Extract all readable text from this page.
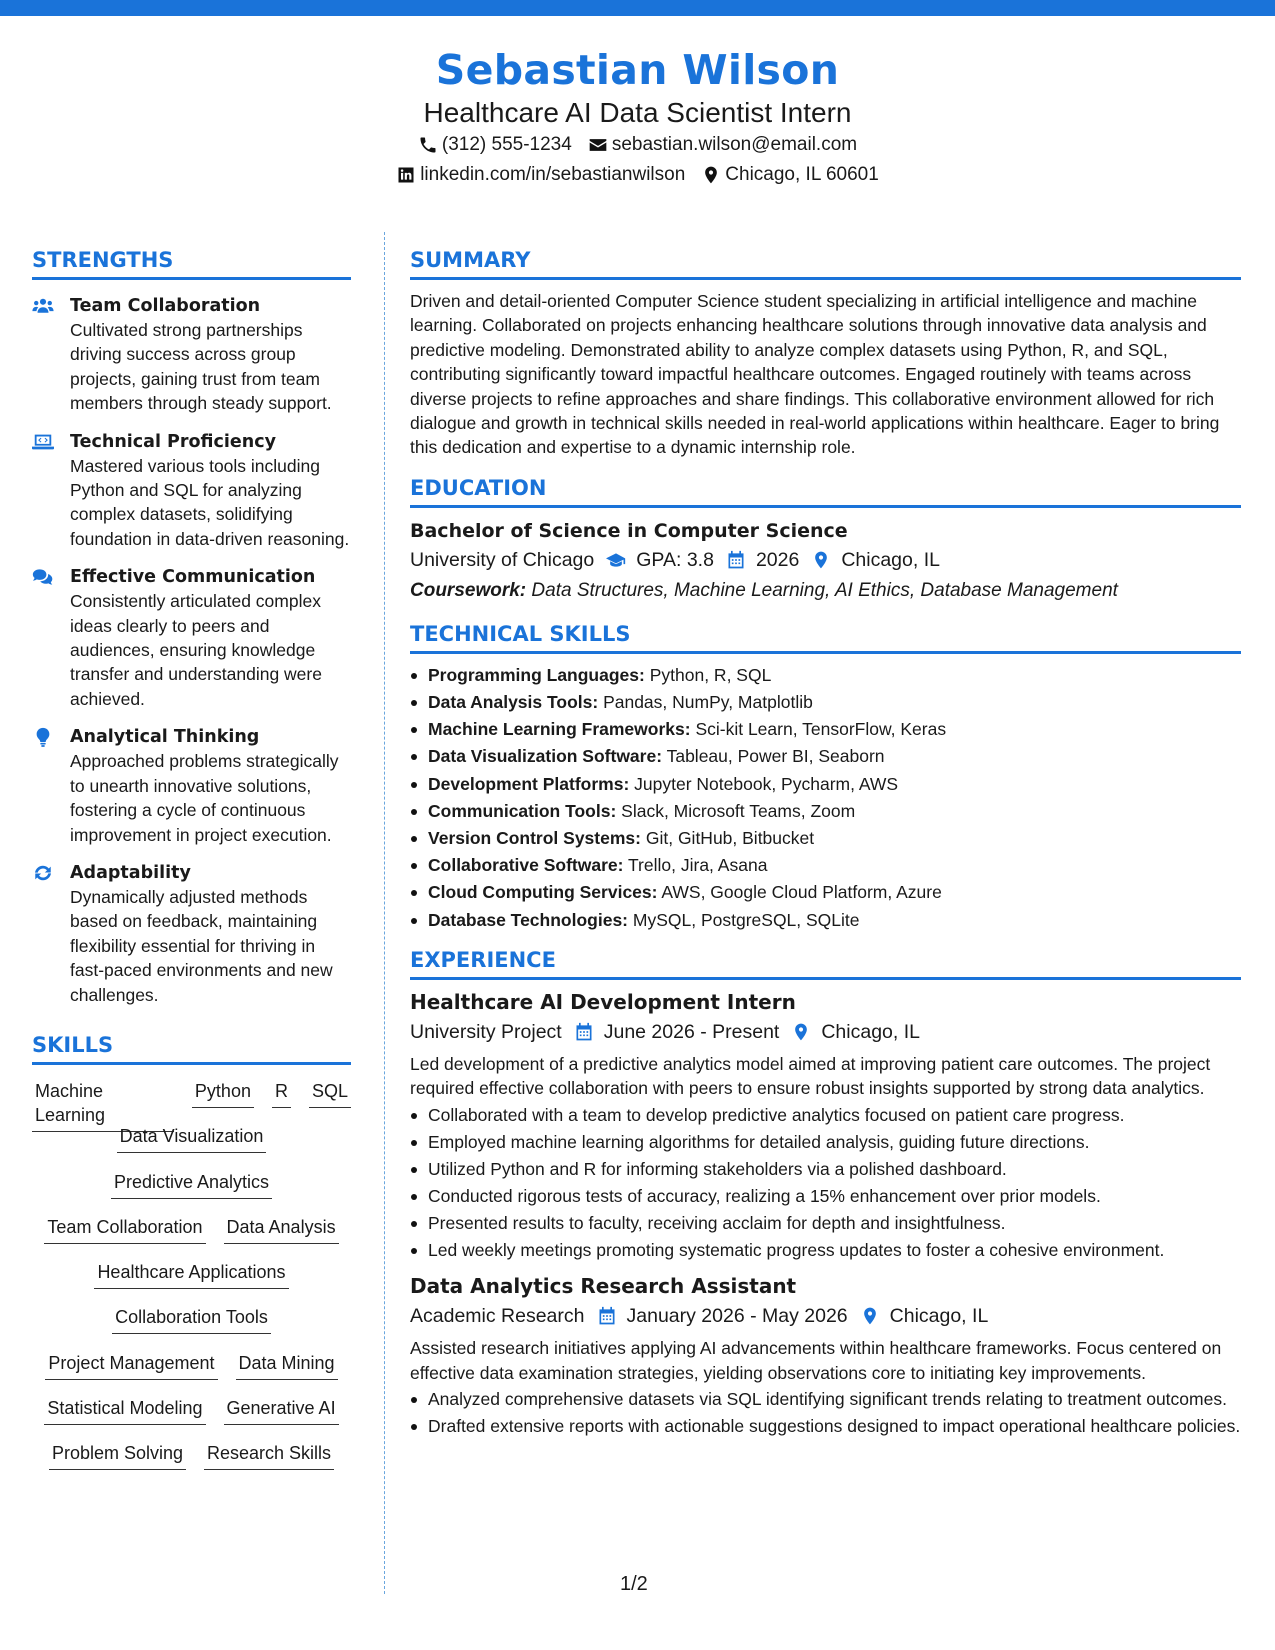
Sebastian Wilson
Healthcare AI Data Scientist Intern
(312) 555-1234 sebastian.wilson@email.com
linkedin.com/in/sebastianwilson Chicago, IL 60601
STRENGTHS
Team Collaboration
Cultivated strong partnerships driving success across group projects, gaining trust from team members through steady support.
Technical Proficiency
Mastered various tools including Python and SQL for analyzing complex datasets, solidifying foundation in data-driven reasoning.
Effective Communication
Consistently articulated complex ideas clearly to peers and audiences, ensuring knowledge transfer and understanding were achieved.
Analytical Thinking
Approached problems strategically to unearth innovative solutions, fostering a cycle of continuous improvement in project execution.
Adaptability
Dynamically adjusted methods based on feedback, maintaining flexibility essential for thriving in fast-paced environments and new challenges.
SKILLS
Machine Learning
Python R SQL
Data Visualization
Predictive Analytics
Team Collaboration Data Analysis
Healthcare Applications
Collaboration Tools
Project Management Data Mining
Statistical Modeling Generative AI
Problem Solving Research Skills
SUMMARY
Driven and detail-oriented Computer Science student specializing in artificial intelligence and machine learning. Collaborated on projects enhancing healthcare solutions through innovative data analysis and predictive modeling. Demonstrated ability to analyze complex datasets using Python, R, and SQL, contributing significantly toward impactful healthcare outcomes. Engaged routinely with teams across diverse projects to refine approaches and share findings. This collaborative environment allowed for rich dialogue and growth in technical skills needed in real-world applications within healthcare. Eager to bring this dedication and expertise to a dynamic internship role.
EDUCATION
Bachelor of Science in Computer Science
University of Chicago GPA: 3.8 2026 Chicago, IL
Coursework: Data Structures, Machine Learning, AI Ethics, Database Management
TECHNICAL SKILLS
Programming Languages: Python, R, SQL
Data Analysis Tools: Pandas, NumPy, Matplotlib
Machine Learning Frameworks: Sci-kit Learn, TensorFlow, Keras
Data Visualization Software: Tableau, Power BI, Seaborn
Development Platforms: Jupyter Notebook, Pycharm, AWS
Communication Tools: Slack, Microsoft Teams, Zoom
Version Control Systems: Git, GitHub, Bitbucket
Collaborative Software: Trello, Jira, Asana
Cloud Computing Services: AWS, Google Cloud Platform, Azure
Database Technologies: MySQL, PostgreSQL, SQLite
EXPERIENCE
Healthcare AI Development Intern
University Project June 2026 - Present Chicago, IL
Led development of a predictive analytics model aimed at improving patient care outcomes. The project required effective collaboration with peers to ensure robust insights supported by strong data analytics.
Collaborated with a team to develop predictive analytics focused on patient care progress.
Employed machine learning algorithms for detailed analysis, guiding future directions.
Utilized Python and R for informing stakeholders via a polished dashboard.
Conducted rigorous tests of accuracy, realizing a 15% enhancement over prior models.
Presented results to faculty, receiving acclaim for depth and insightfulness.
Led weekly meetings promoting systematic progress updates to foster a cohesive environment.
Data Analytics Research Assistant
Academic Research January 2026 - May 2026 Chicago, IL
Assisted research initiatives applying AI advancements within healthcare frameworks. Focus centered on effective data examination strategies, yielding observations core to initiating key improvements.
Analyzed comprehensive datasets via SQL identifying significant trends relating to treatment outcomes.
Drafted extensive reports with actionable suggestions designed to impact operational healthcare policies.
1/2
